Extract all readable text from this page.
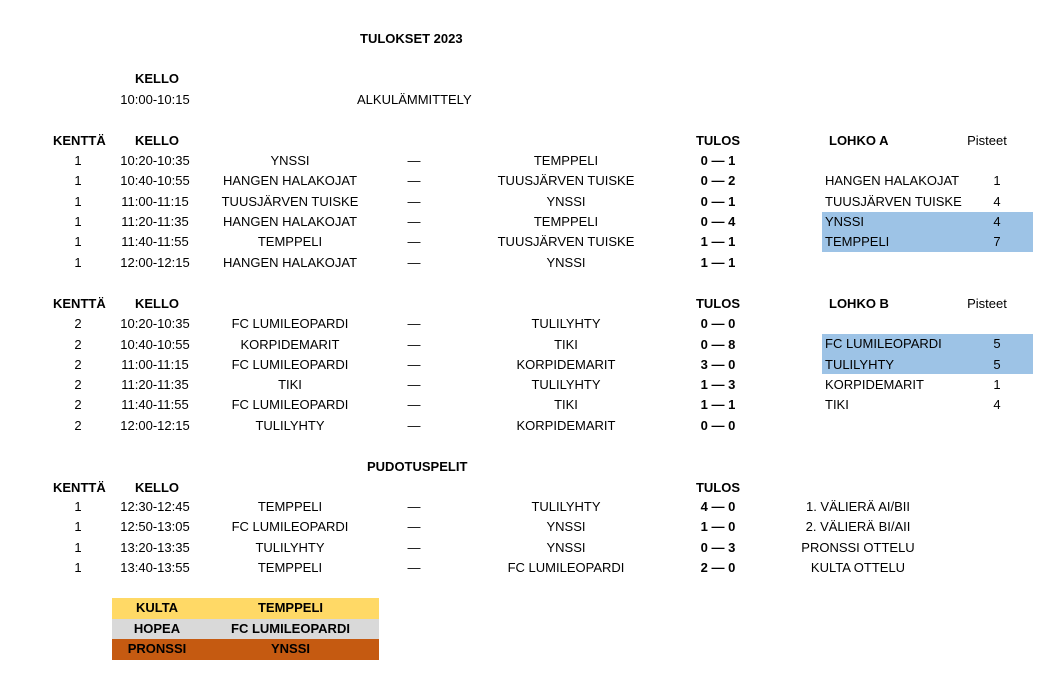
TULOKSET 2023
KELLO
10:00-10:15	ALKULÄMMITTELY
KENTTÄ	KELLO	TULOS	LOHKO A	Pisteet
1	10:20-10:35	YNSSI	—	TEMPPELI	0 — 1
1	10:40-10:55	HANGEN HALAKOJAT	—	TUUSJÄRVEN TUISKE	0 — 2
1	11:00-11:15	TUUSJÄRVEN TUISKE	—	YNSSI	0 — 1
1	11:20-11:35	HANGEN HALAKOJAT	—	TEMPPELI	0 — 4
1	11:40-11:55	TEMPPELI	—	TUUSJÄRVEN TUISKE	1 — 1
1	12:00-12:15	HANGEN HALAKOJAT	—	YNSSI	1 — 1
HANGEN HALAKOJAT	1
TUUSJÄRVEN TUISKE	4
YNSSI	4
TEMPPELI	7
KENTTÄ	KELLO	TULOS	LOHKO B	Pisteet
2	10:20-10:35	FC LUMILEOPARDI	—	TULILYHTY	0 — 0
2	10:40-10:55	KORPIDEMARIT	—	TIKI	0 — 8
2	11:00-11:15	FC LUMILEOPARDI	—	KORPIDEMARIT	3 — 0
2	11:20-11:35	TIKI	—	TULILYHTY	1 — 3
2	11:40-11:55	FC LUMILEOPARDI	—	TIKI	1 — 1
2	12:00-12:15	TULILYHTY	—	KORPIDEMARIT	0 — 0
FC LUMILEOPARDI	5
TULILYHTY	5
KORPIDEMARIT	1
TIKI	4
PUDOTUSPELIT
KENTTÄ	KELLO	TULOS
1	12:30-12:45	TEMPPELI	—	TULILYHTY	4 — 0	1. VÄLIERÄ AI/BII
1	12:50-13:05	FC LUMILEOPARDI	—	YNSSI	1 — 0	2. VÄLIERÄ BI/AII
1	13:20-13:35	TULILYHTY	—	YNSSI	0 — 3	PRONSSI OTTELU
1	13:40-13:55	TEMPPELI	—	FC LUMILEOPARDI	2 — 0	KULTA OTTELU
KULTA	TEMPPELI
HOPEA	FC LUMILEOPARDI
PRONSSI	YNSSI
